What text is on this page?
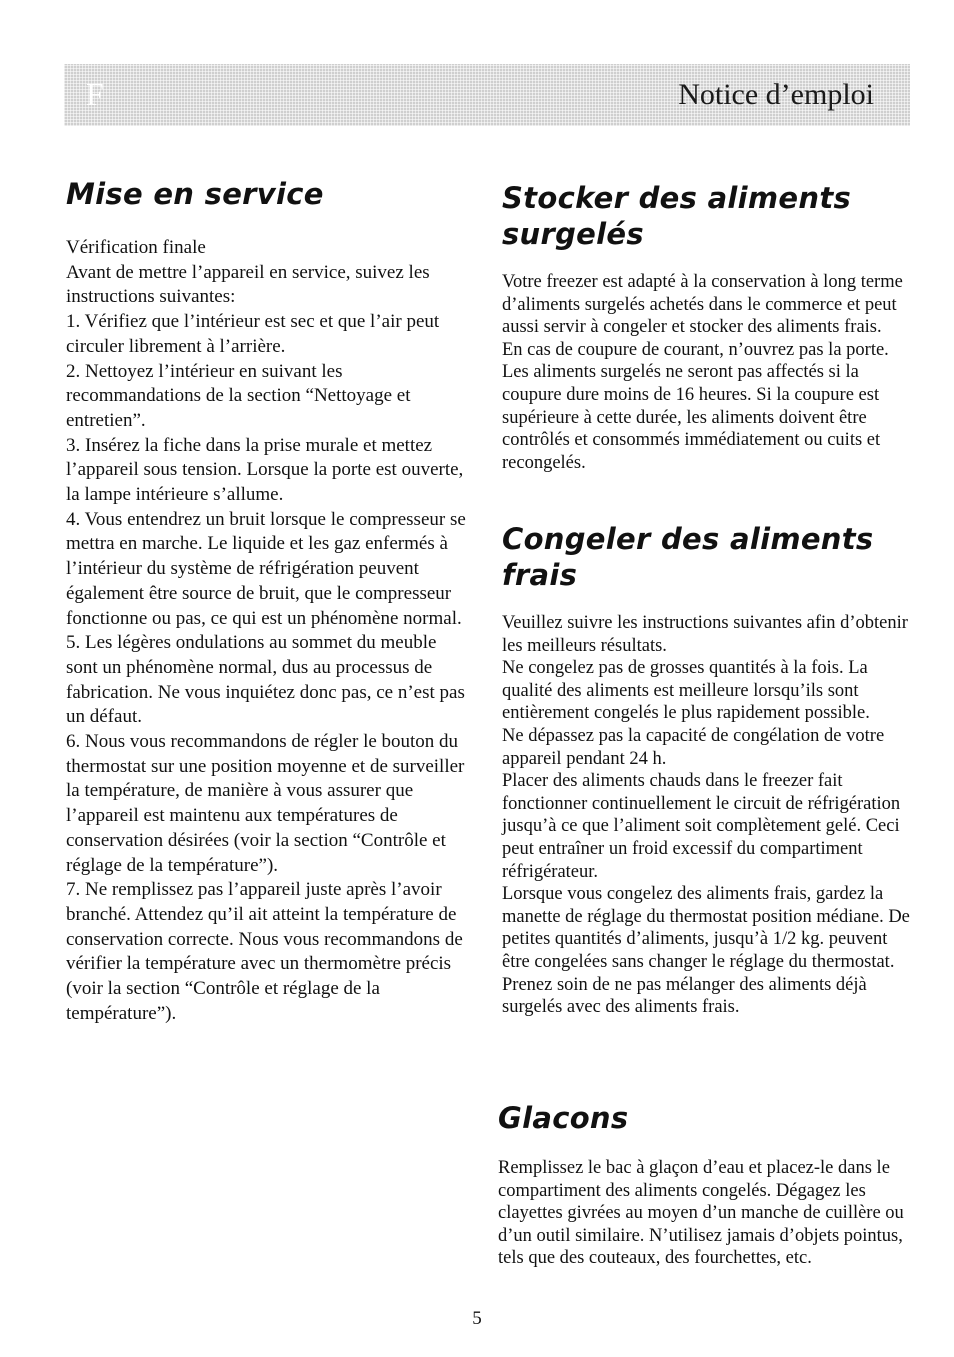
F	Notice d’emploi
Mise en service

Vérification finale

Avant de mettre l’appareil en service, suivez les instructions suivantes:

1. Vérifiez que l’intérieur est sec et que l’air peut circuler librement à l’arrière.

2. Nettoyez l’intérieur en suivant les recommandations de la section “Nettoyage et entretien”.

3. Insérez la fiche dans la prise murale et mettez l’appareil sous tension. Lorsque la porte est ouverte, la lampe intérieure s’allume.

4. Vous entendrez un bruit lorsque le compresseur se mettra en marche. Le liquide et les gaz enfermés à l’intérieur du système de réfrigération peuvent également être source de bruit, que le compresseur fonctionne ou pas, ce qui est un phénomène normal.

5. Les légères ondulations au sommet du meuble sont un phénomène normal, dus au processus de fabrication. Ne vous inquiétez donc pas, ce n’est pas un défaut.

6. Nous vous recommandons de régler le bouton du thermostat sur une position moyenne et de surveiller la température, de manière à vous assurer que l’appareil est maintenu aux températures de conservation désirées (voir la section “Contrôle et réglage de la température”).

7. Ne remplissez pas l’appareil juste après l’avoir branché. Attendez qu’il ait atteint la température de conservation correcte. Nous vous recommandons de vérifier la température avec un thermomètre précis (voir la section “Contrôle et réglage de la température”).

Stocker des aliments
surgelés

Votre freezer est adapté à la conservation à long terme d’aliments surgelés achetés dans le commerce et peut aussi servir à congeler et stocker des aliments frais.

En cas de coupure de courant, n’ouvrez pas la porte. Les aliments surgelés ne seront pas affectés si la coupure dure moins de 16 heures. Si la coupure est supérieure à cette durée, les aliments doivent être contrôlés et consommés immédiatement ou cuits et recongelés.

Congeler des aliments
frais

Veuillez suivre les instructions suivantes afin d’obtenir les meilleurs résultats.

Ne congelez pas de grosses quantités à la fois. La qualité des aliments est meilleure lorsqu’ils sont entièrement congelés le plus rapidement possible.

Ne dépassez pas la capacité de congélation de votre appareil pendant 24 h.

Placer des aliments chauds dans le freezer fait fonctionner continuellement le circuit de réfrigération jusqu’à ce que l’aliment soit complètement gelé. Ceci peut entraîner un froid excessif du compartiment réfrigérateur.

Lorsque vous congelez des aliments frais, gardez la manette de réglage du thermostat position médiane. De petites quantités d’aliments, jusqu’à 1/2 kg. peuvent être congelées sans changer le réglage du thermostat.

Prenez soin de ne pas mélanger des aliments déjà surgelés avec des aliments frais.

Glacons

Remplissez le bac à glaçon d’eau et placez-le dans le compartiment des aliments congelés. Dégagez les clayettes givrées au moyen d’un manche de cuillère ou d’un outil similaire. N’utilisez jamais d’objets pointus, tels que des couteaux, des fourchettes, etc.

5
